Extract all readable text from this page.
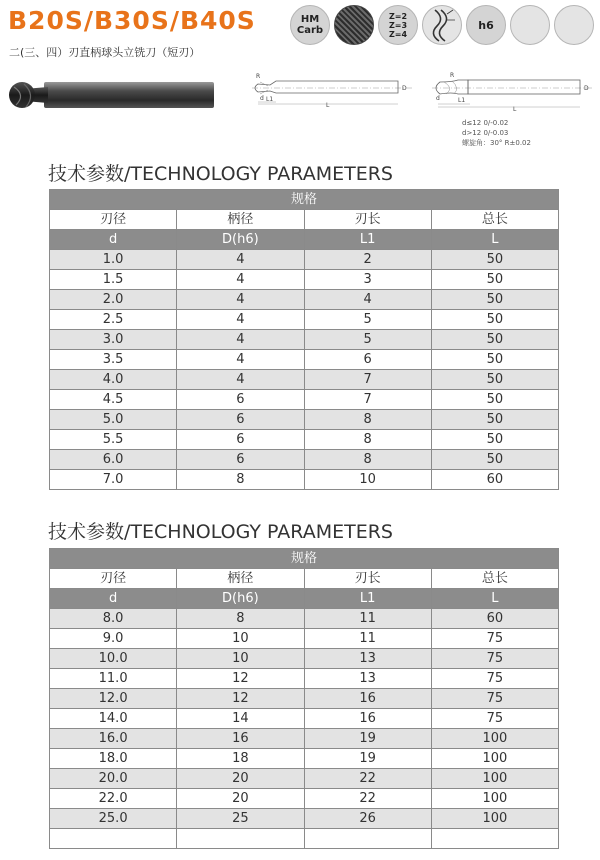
B20S/B30S/B40S
二(三、四）刃直柄球头立铣刀（短刃）
HM
Carb
Z=2
Z=3
Z=4
h6
R
d L1
L
D
R
d	L1
L
D
d≤12 0/-0.02
d>12 0/-0.03
螺旋角：30° R±0.02
技术参数/TECHNOLOGY PARAMETERS
规格			
刃径	柄径	刃长	总长
d	D(h6)	L1	L
1.0	4	2	50
1.5	4	3	50
2.0	4	4	50
2.5	4	5	50
3.0	4	5	50
3.5	4	6	50
4.0	4	7	50
4.5	6	7	50
5.0	6	8	50
5.5	6	8	50
6.0	6	8	50
7.0	8	10	60
技术参数/TECHNOLOGY PARAMETERS
规格			
刃径	柄径	刃长	总长
d	D(h6)	L1	L
8.0	8	11	60
9.0	10	11	75
10.0	10	13	75
11.0	12	13	75
12.0	12	16	75
14.0	14	16	75
16.0	16	19	100
18.0	18	19	100
20.0	20	22	100
22.0	20	22	100
25.0	25	26	100
